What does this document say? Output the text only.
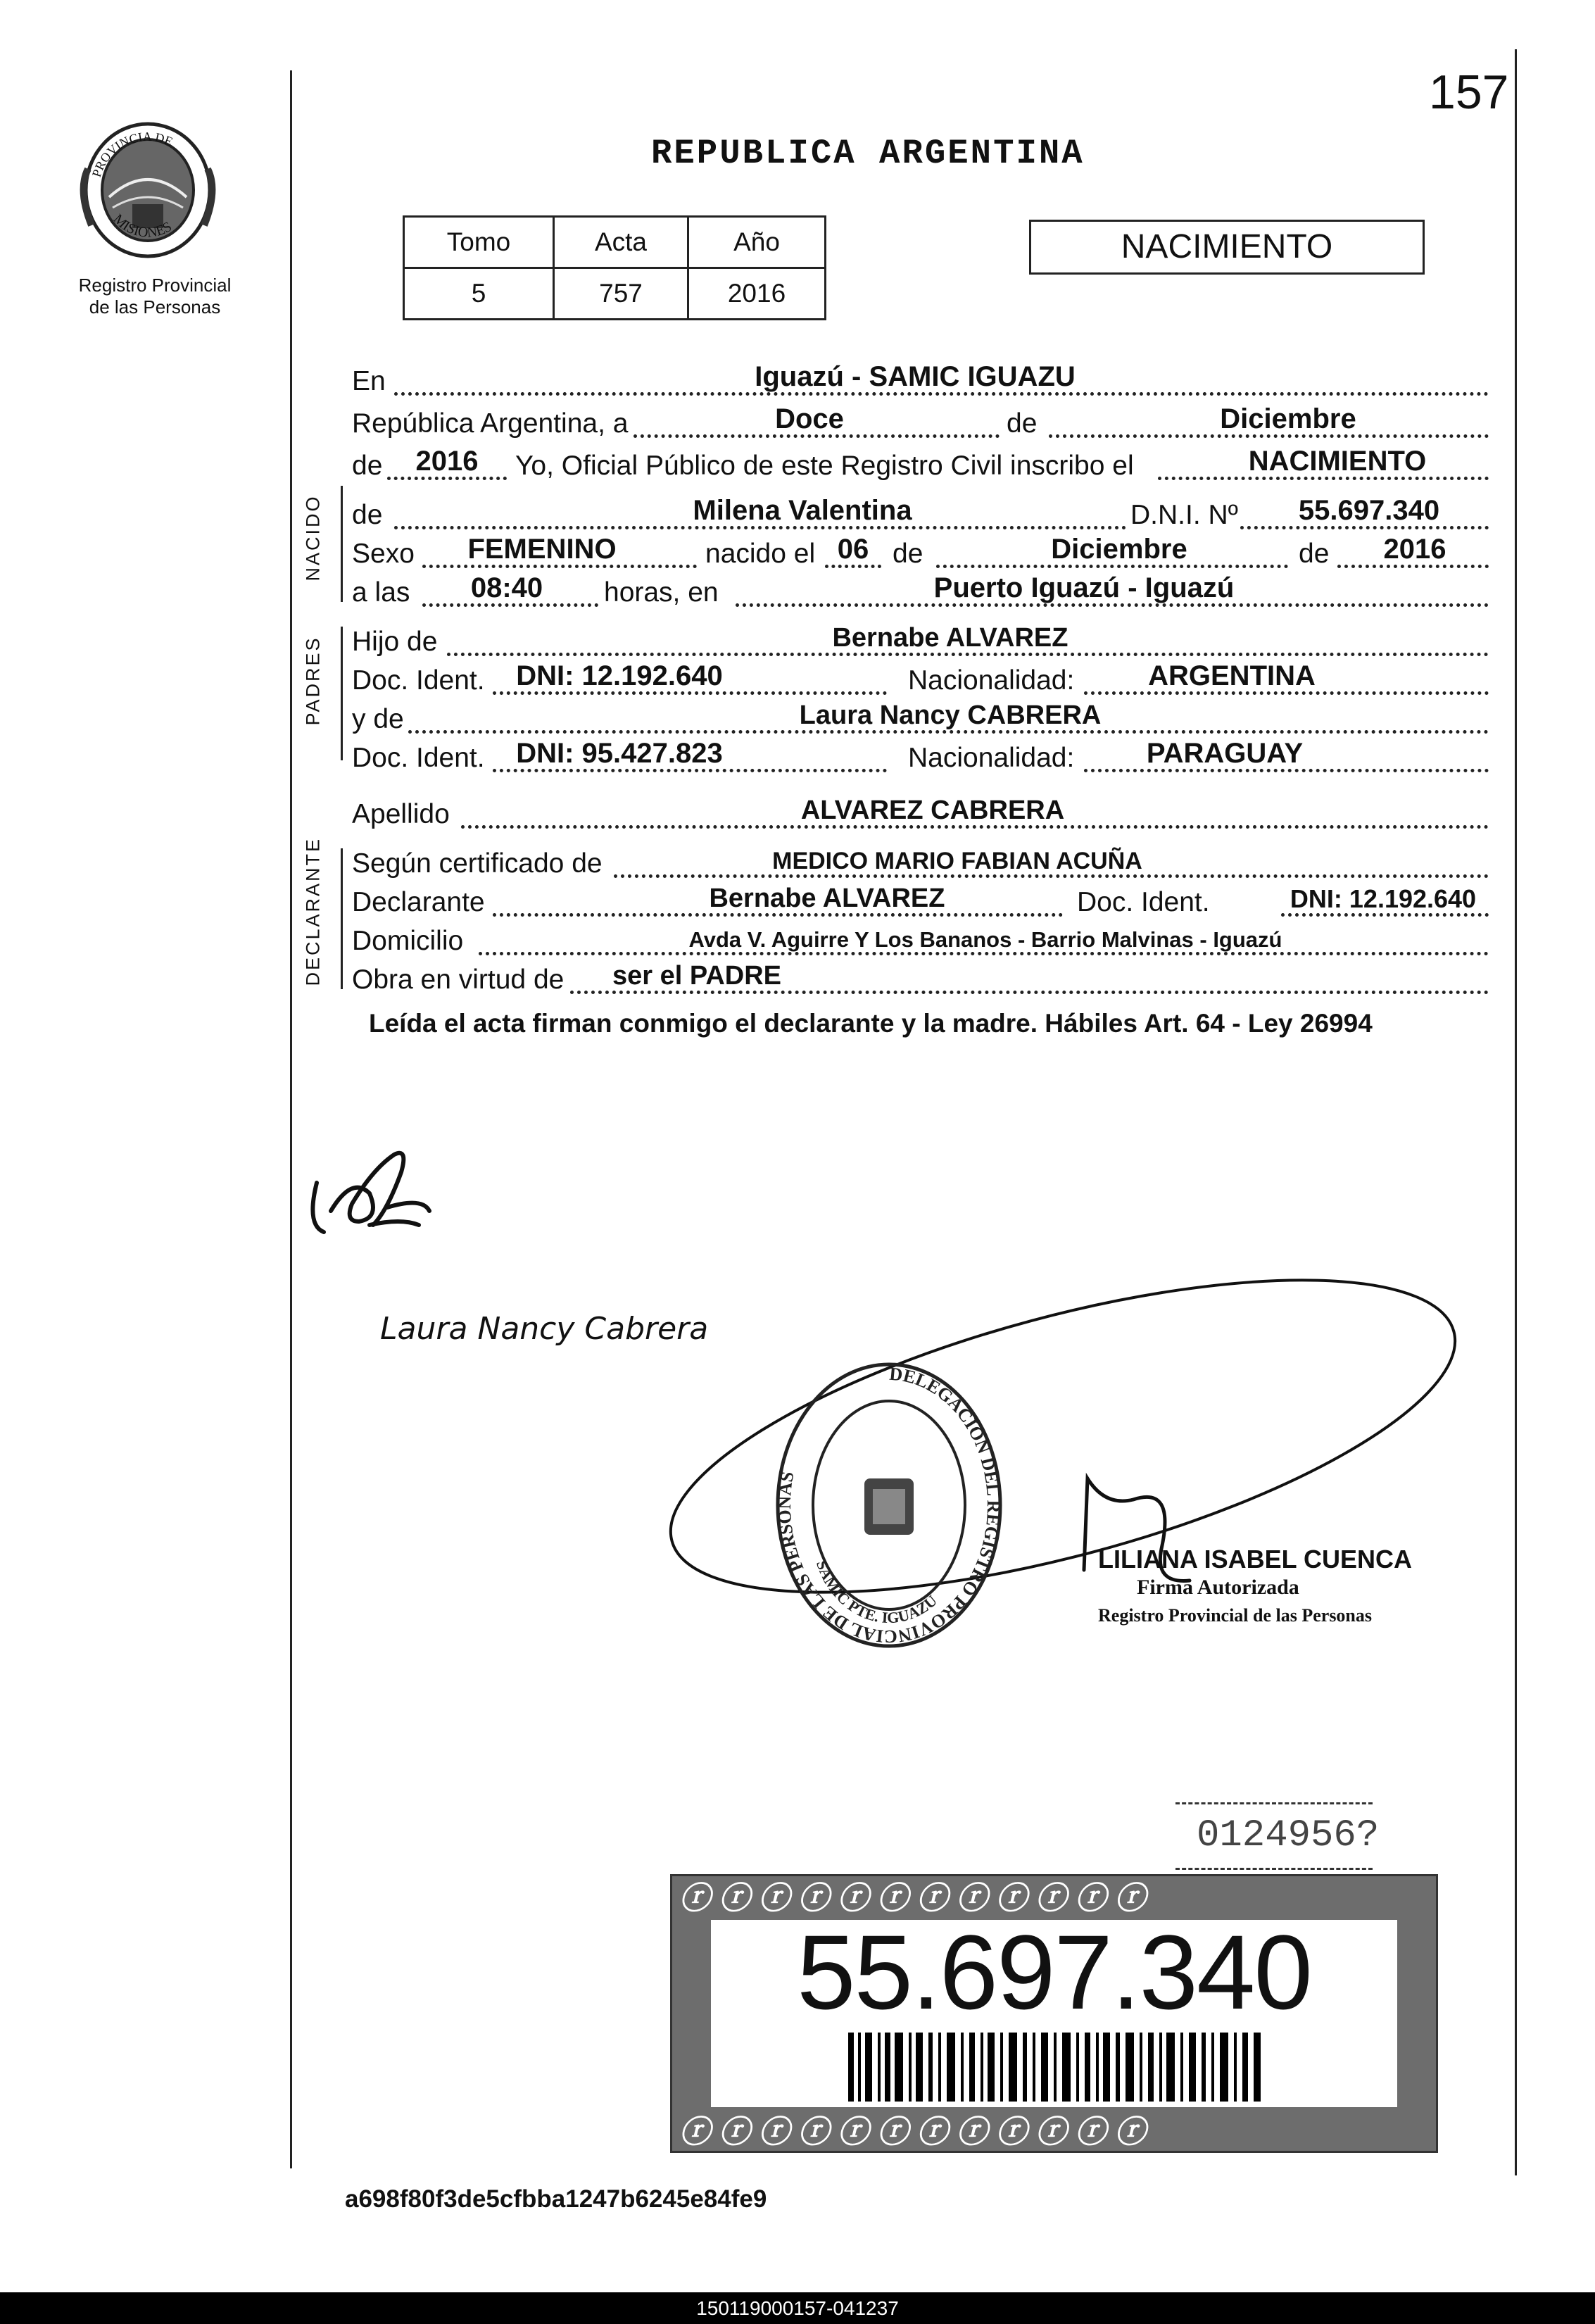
157
PROVINCIA DE
MISIONES
Registro Provincial
de las Personas
REPUBLICA ARGENTINA
Tomo	Acta	Año
5	757	2016
NACIMIENTO
En	Iguazú - SAMIC IGUAZU
República Argentina, a	Doce	de	Diciembre
de	2016	Yo, Oficial Público de este Registro Civil inscribo el	NACIMIENTO
NACIDO de	Milena Valentina	D.N.I. Nº	55.697.340
Sexo	FEMENINO	nacido el 06 de	Diciembre	de	2016
a las	08:40	horas, en	Puerto Iguazú - Iguazú
PADRES Hijo de	Bernabe ALVAREZ
Doc. Ident.	DNI: 12.192.640	Nacionalidad:	ARGENTINA
y de	Laura Nancy CABRERA
Doc. Ident.	DNI: 95.427.823	Nacionalidad:	PARAGUAY
Apellido	ALVAREZ CABRERA
DECLARANTE Según certificado de	MEDICO MARIO FABIAN ACUÑA
Declarante	Bernabe ALVAREZ	Doc. Ident.	DNI: 12.192.640
Domicilio	Avda V. Aguirre Y Los Bananos - Barrio Malvinas - Iguazú
Obra en virtud de	ser el PADRE
Leída el acta firman conmigo el declarante y la madre. Hábiles Art. 64 - Ley 26994
Laura Nancy Cabrera
DELEGACION DEL REGISTRO PROVINCIAL DE LAS PERSONAS
SAMIC PTE. IGUAZU
LILIANA ISABEL CUENCA
Firma Autorizada
Registro Provincial de las Personas
0124956?
ⓡ ⓡ ⓡ ⓡ ⓡ ⓡ ⓡ ⓡ ⓡ ⓡ ⓡ ⓡ
ⓡ ⓡ ⓡ ⓡ ⓡ ⓡ ⓡ ⓡ ⓡ ⓡ ⓡ ⓡ
55.697.340
a698f80f3de5cfbba1247b6245e84fe9
150119000157-041237
